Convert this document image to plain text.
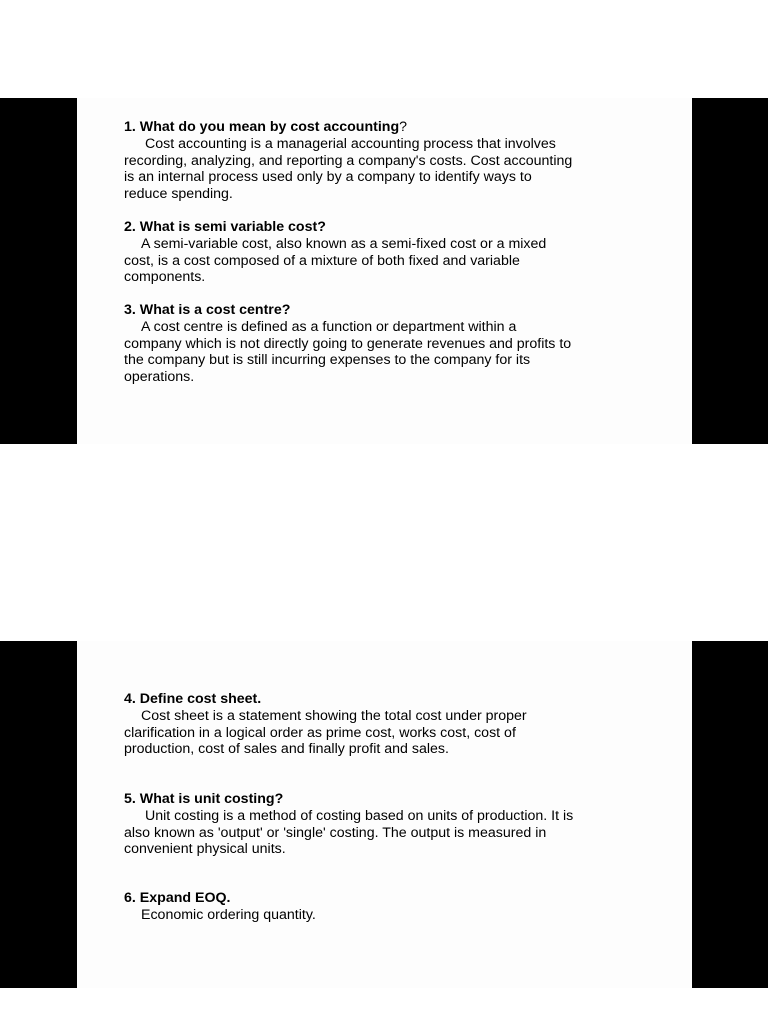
1. What do you mean by cost accounting?

Cost accounting is a managerial accounting process that involves recording, analyzing, and reporting a company's costs. Cost accounting is an internal process used only by a company to identify ways to reduce spending.

2. What is semi variable cost?

A semi-variable cost, also known as a semi-fixed cost or a mixed cost, is a cost composed of a mixture of both fixed and variable components.

3. What is a cost centre?

A cost centre is defined as a function or department within a company which is not directly going to generate revenues and profits to the company but is still incurring expenses to the company for its operations.

4. Define cost sheet.

Cost sheet is a statement showing the total cost under proper clarification in a logical order as prime cost, works cost, cost of production, cost of sales and finally profit and sales.

5. What is unit costing?

Unit costing is a method of costing based on units of production. It is also known as 'output' or 'single' costing. The output is measured in convenient physical units.

6. Expand EOQ.

Economic ordering quantity.
